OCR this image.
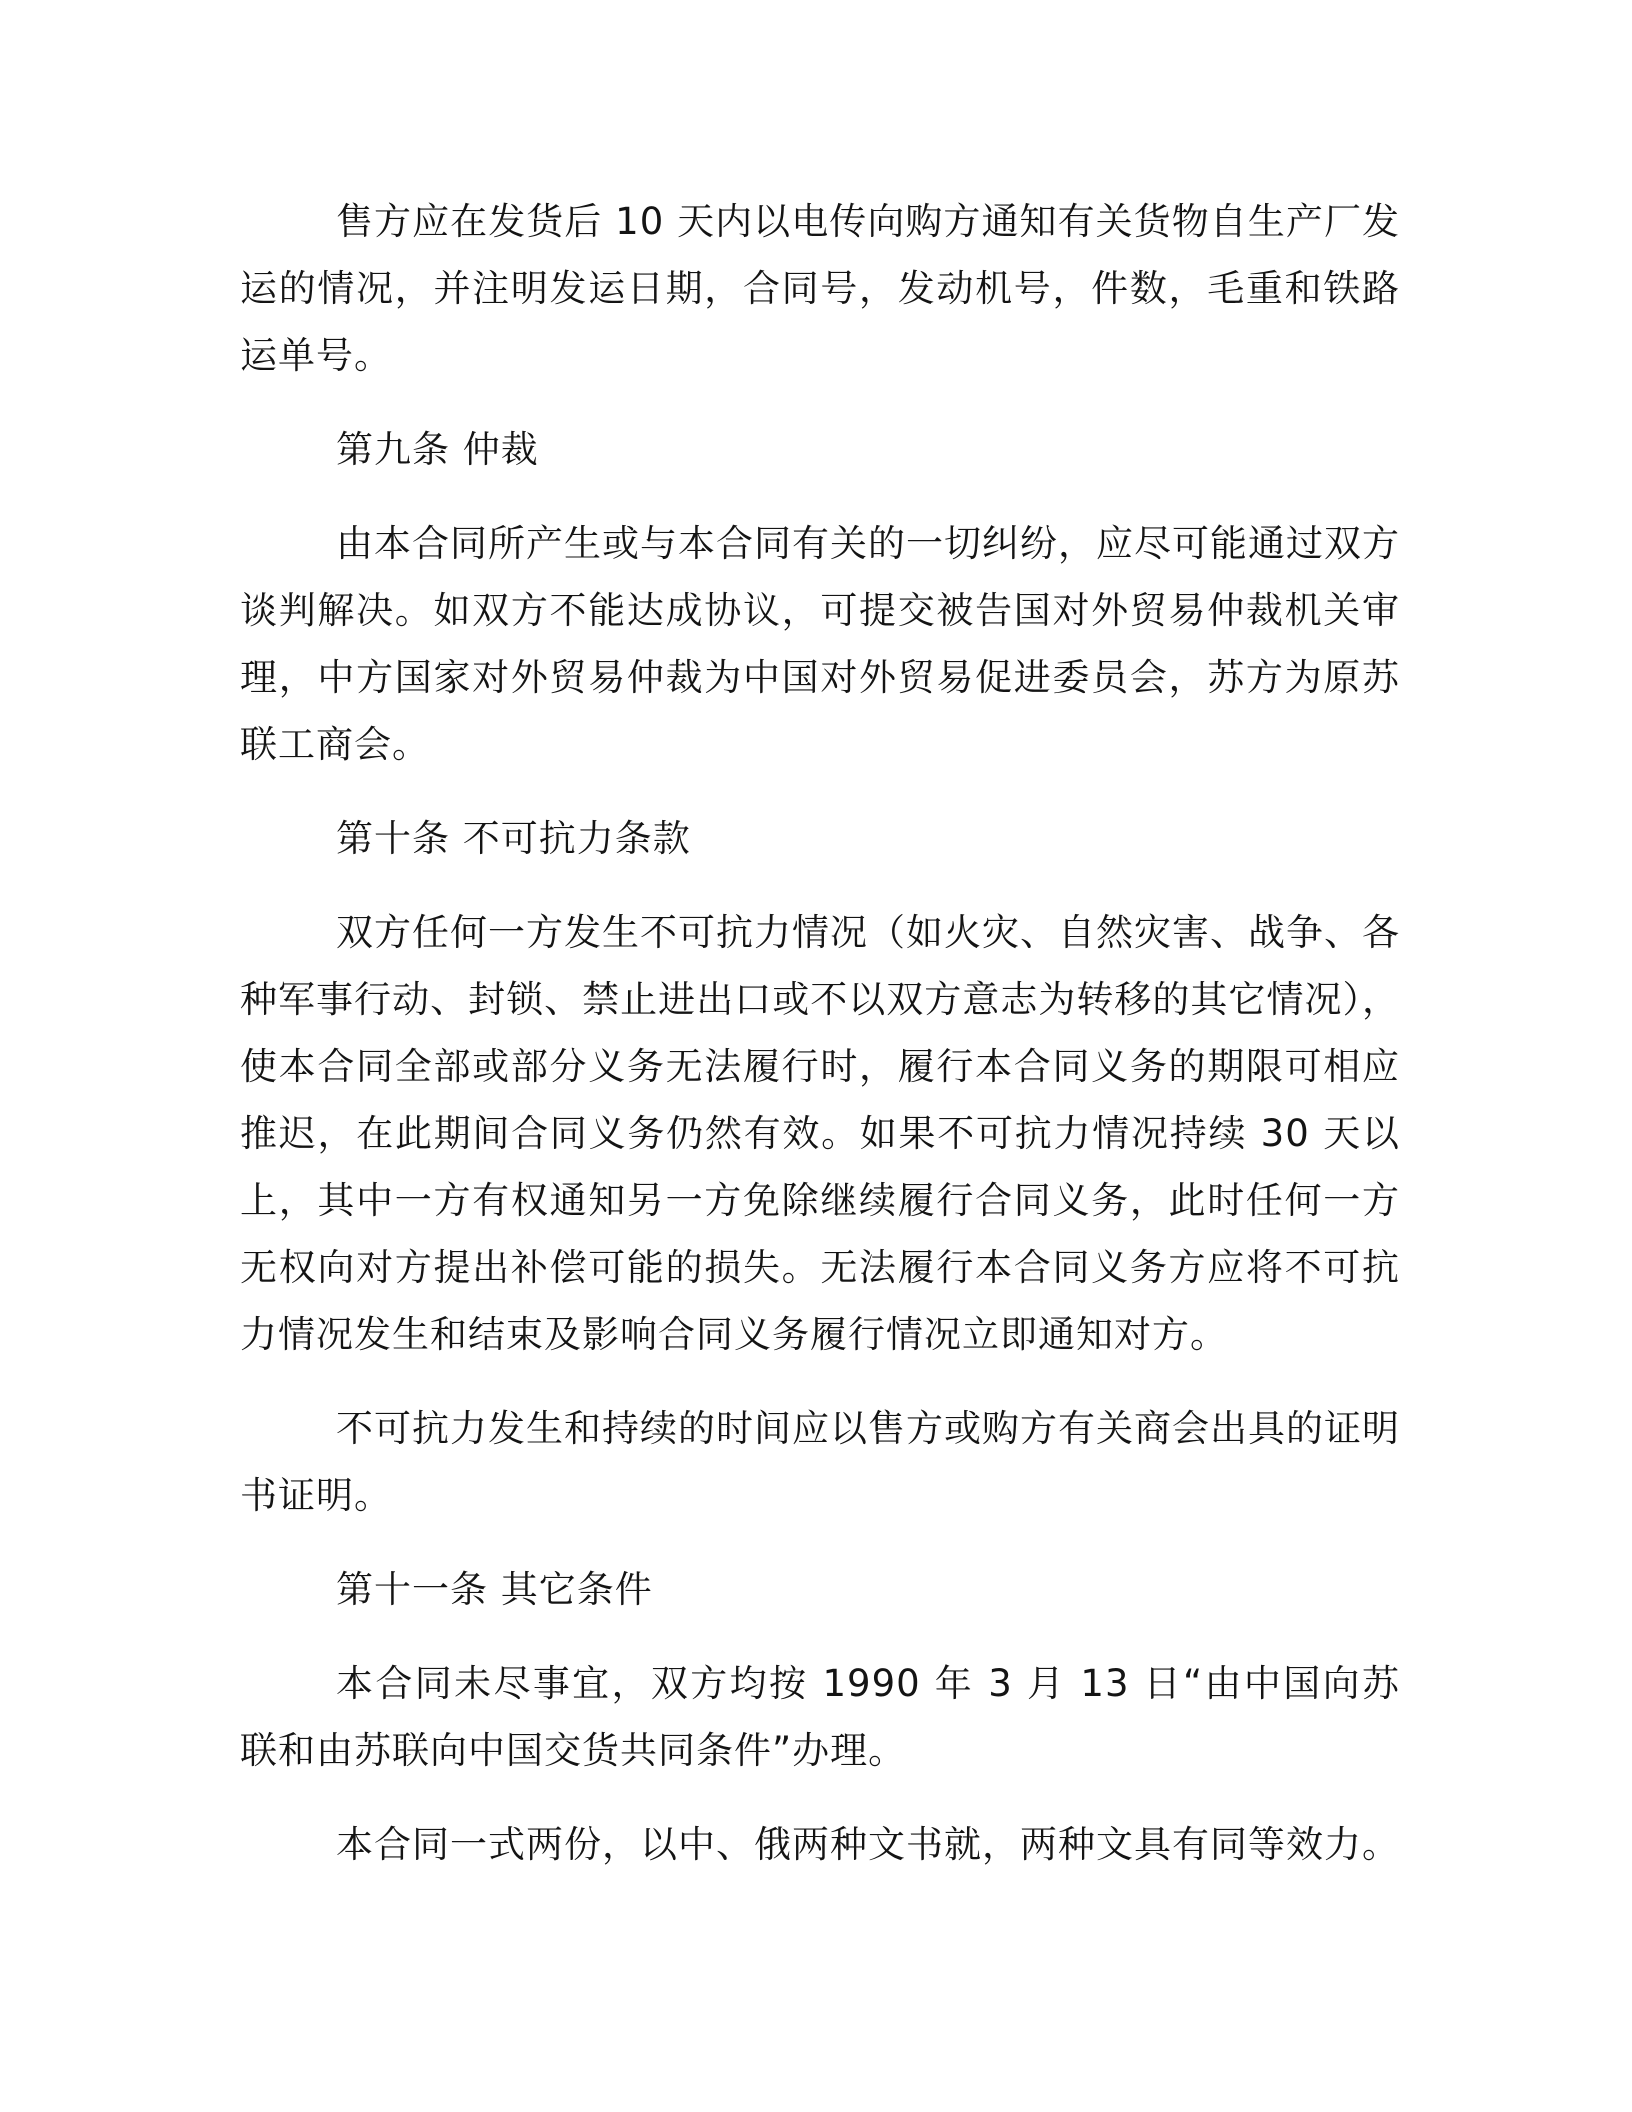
售方应在发货后 10 天内以电传向购方通知有关货物自生产厂发运的情况，并注明发运日期，合同号，发动机号，件数，毛重和铁路运单号。

第九条 仲裁

由本合同所产生或与本合同有关的一切纠纷，应尽可能通过双方谈判解决。如双方不能达成协议，可提交被告国对外贸易仲裁机关审理，中方国家对外贸易仲裁为中国对外贸易促进委员会，苏方为原苏联工商会。

第十条 不可抗力条款

双方任何一方发生不可抗力情况（如火灾、自然灾害、战争、各种军事行动、封锁、禁止进出口或不以双方意志为转移的其它情况），使本合同全部或部分义务无法履行时，履行本合同义务的期限可相应推迟，在此期间合同义务仍然有效。如果不可抗力情况持续 30 天以上，其中一方有权通知另一方免除继续履行合同义务，此时任何一方无权向对方提出补偿可能的损失。无法履行本合同义务方应将不可抗力情况发生和结束及影响合同义务履行情况立即通知对方。

不可抗力发生和持续的时间应以售方或购方有关商会出具的证明书证明。

第十一条 其它条件

本合同未尽事宜，双方均按 1990 年 3 月 13 日“由中国向苏联和由苏联向中国交货共同条件”办理。

本合同一式两份，以中、俄两种文书就，两种文具有同等效力。
